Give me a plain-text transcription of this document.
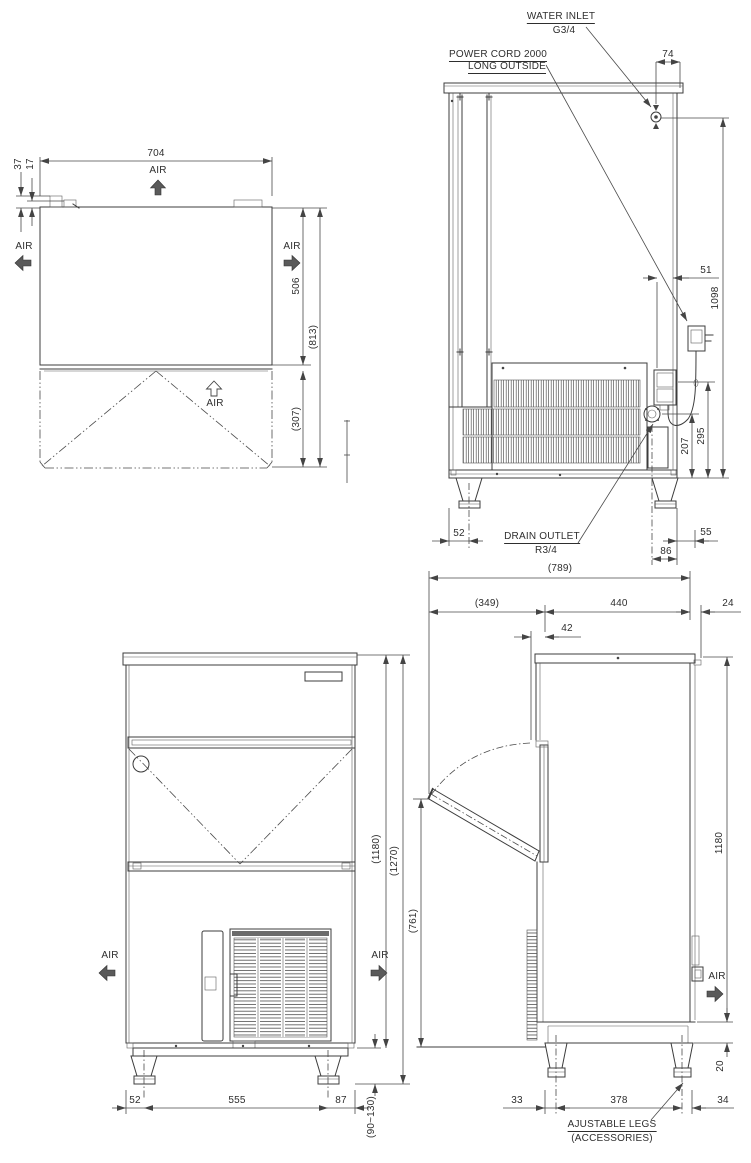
704
37 17
AIR
AIR	AIR
AIR
506
(813)
(307)
WATER INLET
G3/4
POWER CORD 2000
LONG OUTSIDE
74
51
1098
295
207
52	DRAIN OUTLET
R3/4	86
55
(1180) (1270)
AIR	AIR
52	555	87 (90~130)
(789)
(349)	440	24
42
1180
(761)
AIR
20
33	378	34
AJUSTABLE LEGS
(ACCESSORIES)
